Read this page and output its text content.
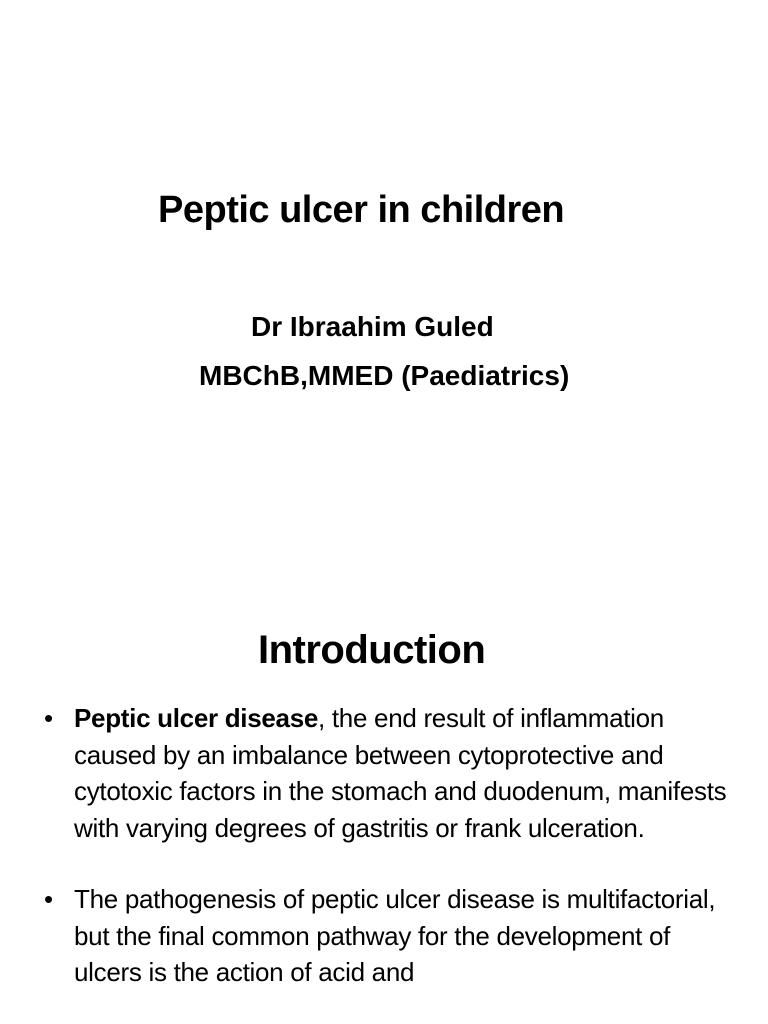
Peptic ulcer in children
Dr Ibraahim Guled
MBChB,MMED (Paediatrics)
Introduction
• Peptic ulcer disease, the end result of inflammation caused by an imbalance between cytoprotective and cytotoxic factors in the stomach and duodenum, manifests with varying degrees of gastritis or frank ulceration.
• The pathogenesis of peptic ulcer disease is multifactorial, but the final common pathway for the development of ulcers is the action of acid and
